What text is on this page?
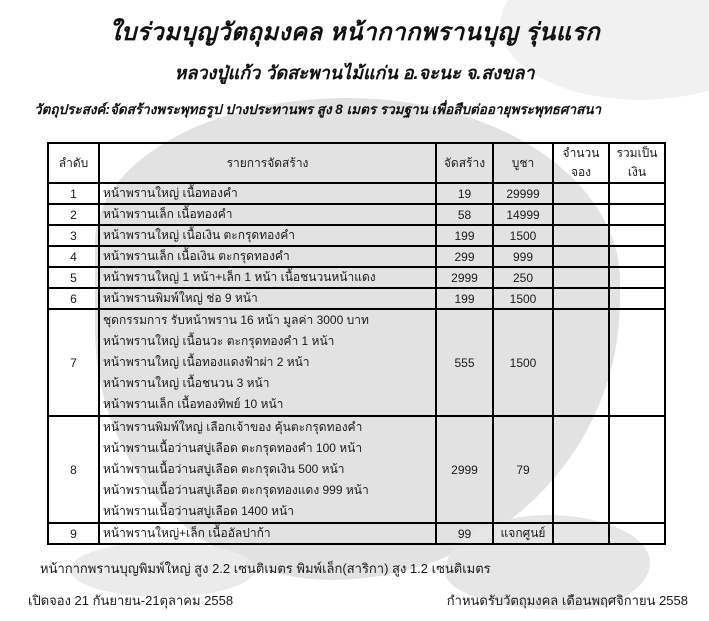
ใบร่วมบุญวัตถุมงคล หน้ากากพรานบุญ รุ่นแรก
หลวงปู่แก้ว วัดสะพานไม้แก่น อ.จะนะ จ.สงขลา
วัตถุประสงค์:จัดสร้างพระพุทธรูป ปางประทานพร สูง 8 เมตร รวมฐาน เพื่อสืบต่ออายุพระพุทธศาสนา
ลำดับ	รายการจัดสร้าง	จัดสร้าง	บูชา	จำนวนจอง	รวมเป็นเงิน
1	หน้าพรานใหญ่ เนื้อทองคำ	19	29999		
2	หน้าพรานเล็ก เนื้อทองคำ	58	14999		
3	หน้าพรานใหญ่ เนื้อเงิน ตะกรุดทองคำ	199	1500		
4	หน้าพรานเล็ก เนื้อเงิน ตะกรุดทองคำ	299	999		
5	หน้าพรานใหญ่ 1 หน้า+เล็ก 1 หน้า เนื้อชนวนหน้าแดง	2999	250		
6	หน้าพรานพิมพ์ใหญ่ ช่อ 9 หน้า	199	1500		
7	ชุดกรรมการ รับหน้าพราน 16 หน้า มูลค่า 3000 บาท
หน้าพรานใหญ่ เนื้อนวะ ตะกรุดทองคำ 1 หน้า
หน้าพรานใหญ่ เนื้อทองแดงฟ้าผ่า 2 หน้า
หน้าพรานใหญ่ เนื้อชนวน 3 หน้า
หน้าพรานเล็ก เนื้อทองทิพย์ 10 หน้า	555	1500		
8	หน้าพรานพิมพ์ใหญ่ เลือกเจ้าของ คุ้นตะกรุดทองคำ
หน้าพรานเนื้อว่านสบู่เลือด ตะกรุดทองคำ 100 หน้า
หน้าพรานเนื้อว่านสบู่เลือด ตะกรุดเงิน 500 หน้า
หน้าพรานเนื้อว่านสบู่เลือด ตะกรุดทองแดง 999 หน้า
หน้าพรานเนื้อว่านสบู่เลือด 1400 หน้า	2999	79		
9	หน้าพรานใหญ่+เล็ก เนื้ออัลปาก้า	99	แจกศูนย์		
หน้ากากพรานบุญพิมพ์ใหญ่ สูง 2.2 เซนติเมตร พิมพ์เล็ก(สาริกา) สูง 1.2 เซนติเมตร
เปิดจอง 21 กันยายน-21ตุลาคม 2558	กำหนดรับวัตถุมงคล เดือนพฤศจิกายน 2558
